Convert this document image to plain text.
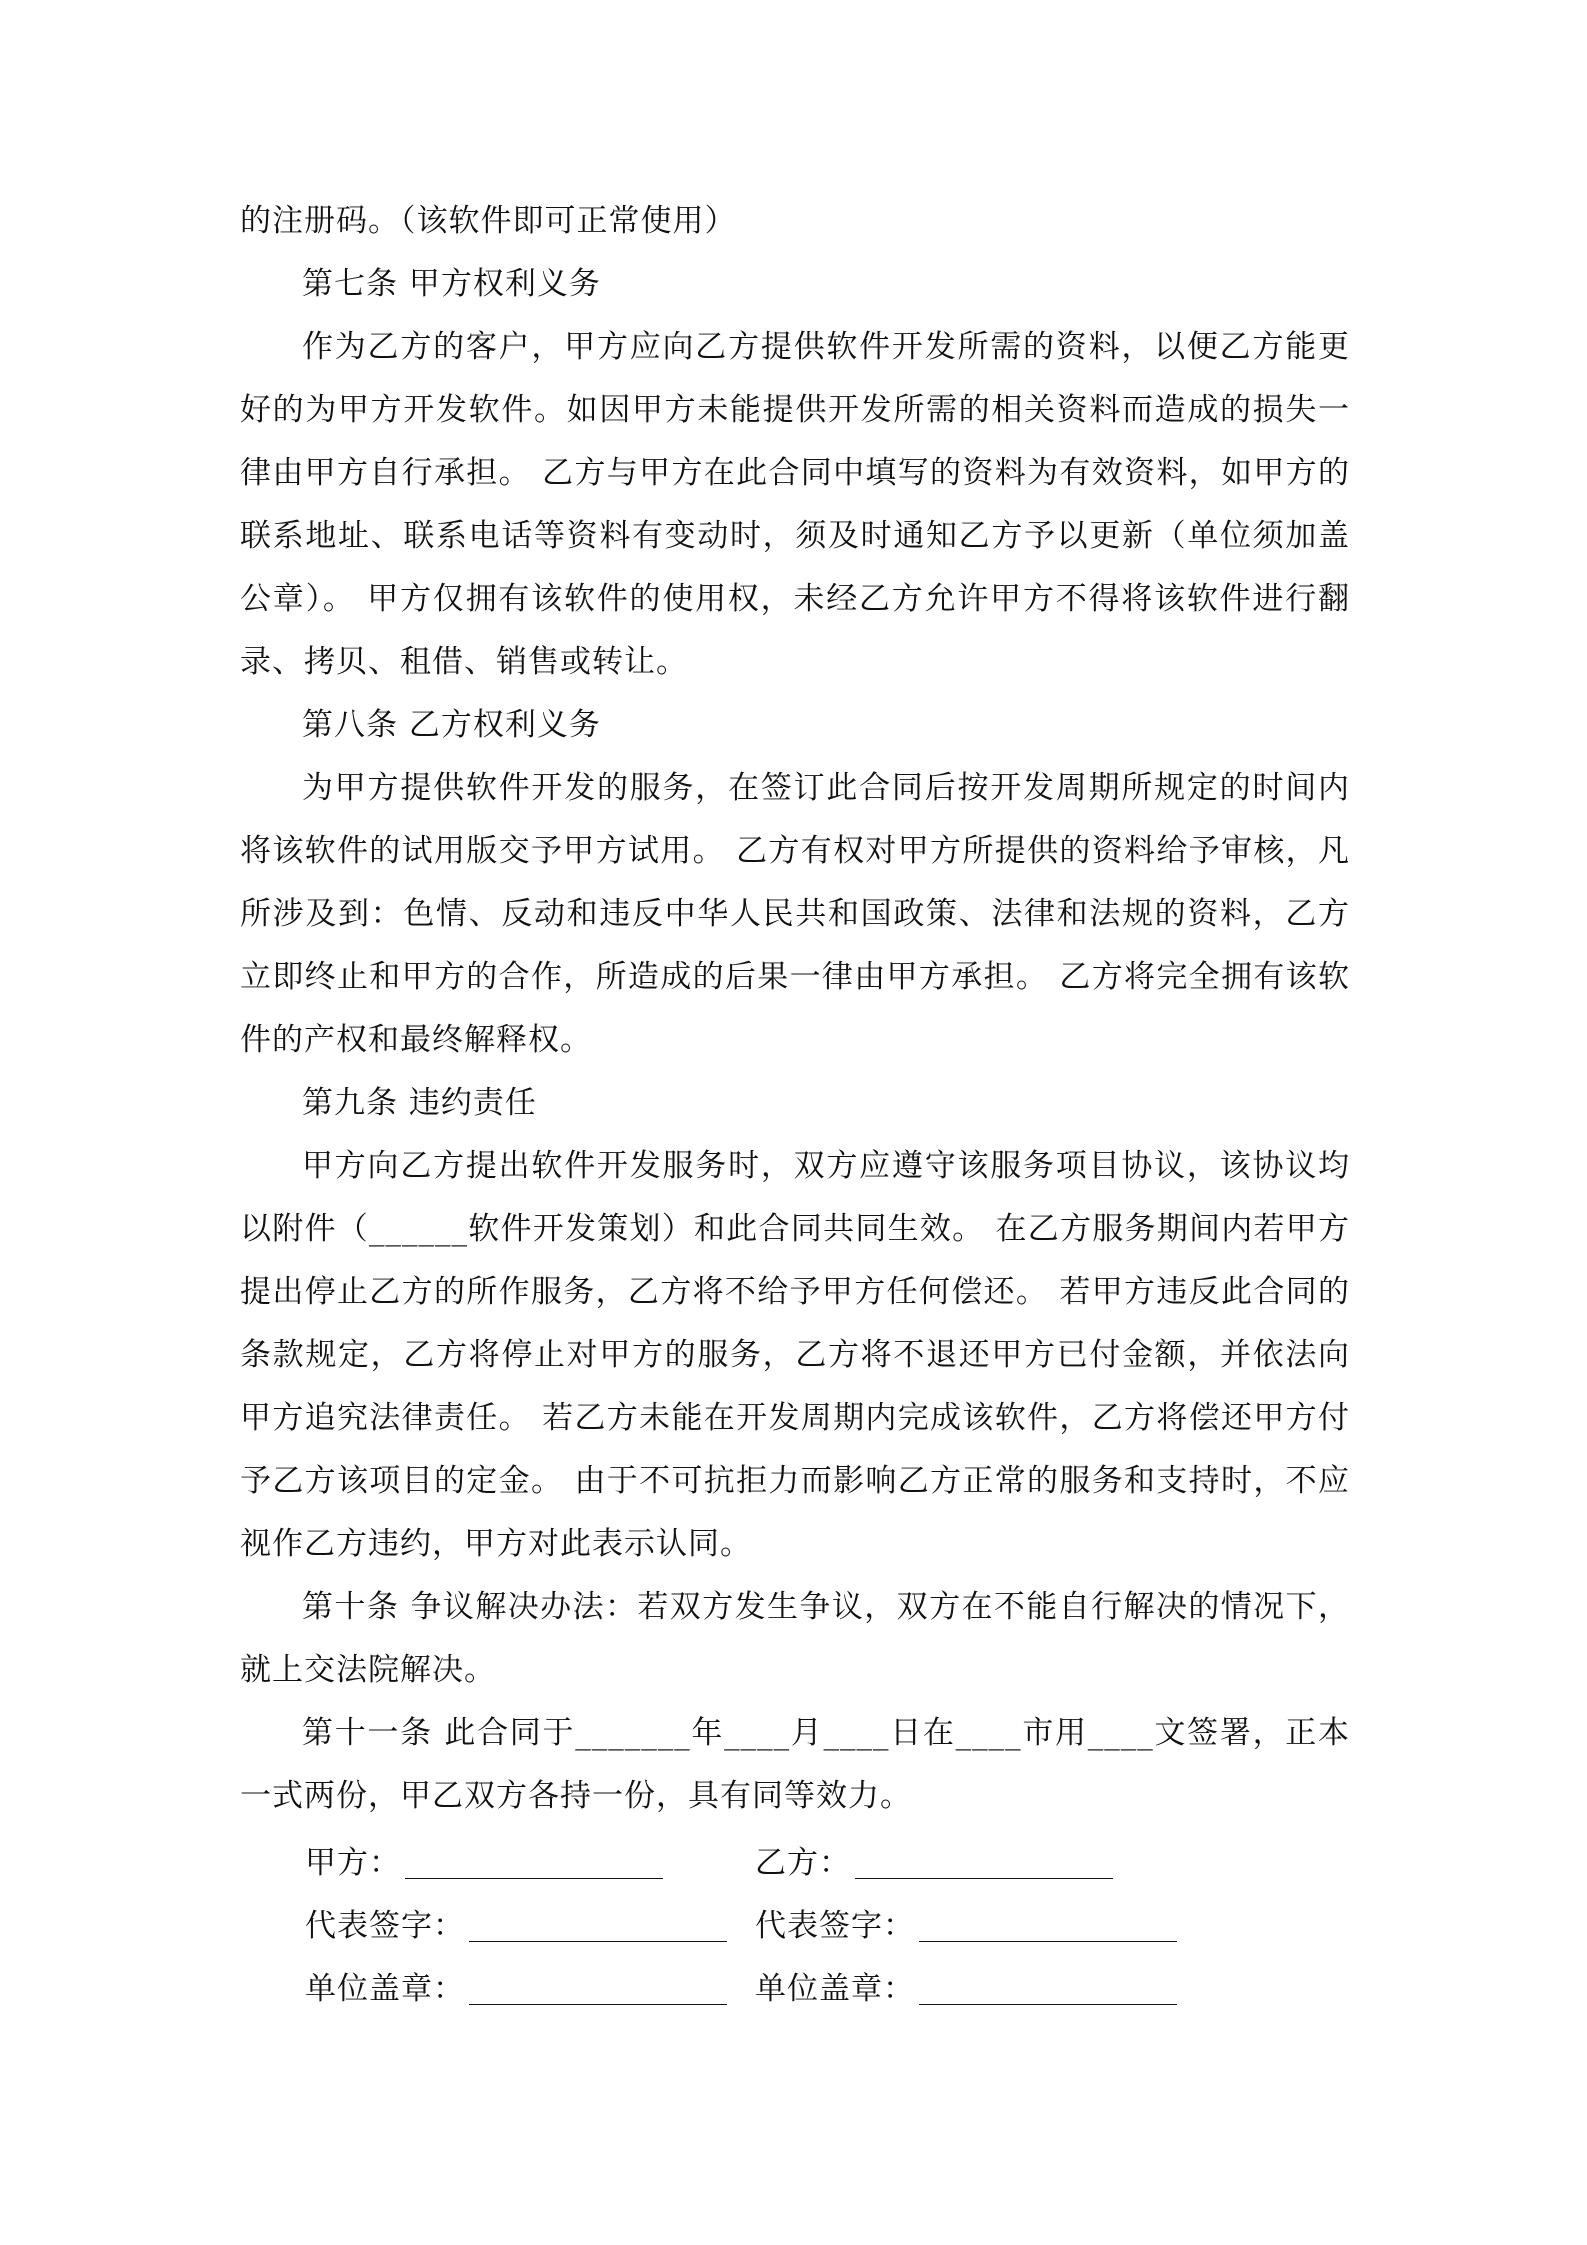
的注册码。（该软件即可正常使用）

第七条 甲方权利义务

作为乙方的客户，甲方应向乙方提供软件开发所需的资料，以便乙方能更好的为甲方开发软件。如因甲方未能提供开发所需的相关资料而造成的损失一律由甲方自行承担。 乙方与甲方在此合同中填写的资料为有效资料，如甲方的联系地址、联系电话等资料有变动时，须及时通知乙方予以更新（单位须加盖公章）。 甲方仅拥有该软件的使用权，未经乙方允许甲方不得将该软件进行翻录、拷贝、租借、销售或转让。

第八条 乙方权利义务

为甲方提供软件开发的服务，在签订此合同后按开发周期所规定的时间内将该软件的试用版交予甲方试用。 乙方有权对甲方所提供的资料给予审核，凡所涉及到：色情、反动和违反中华人民共和国政策、法律和法规的资料，乙方立即终止和甲方的合作，所造成的后果一律由甲方承担。 乙方将完全拥有该软件的产权和最终解释权。

第九条 违约责任

甲方向乙方提出软件开发服务时，双方应遵守该服务项目协议，该协议均以附件（______软件开发策划）和此合同共同生效。 在乙方服务期间内若甲方提出停止乙方的所作服务，乙方将不给予甲方任何偿还。 若甲方违反此合同的条款规定，乙方将停止对甲方的服务，乙方将不退还甲方已付金额，并依法向甲方追究法律责任。 若乙方未能在开发周期内完成该软件，乙方将偿还甲方付予乙方该项目的定金。 由于不可抗拒力而影响乙方正常的服务和支持时，不应视作乙方违约，甲方对此表示认同。

第十条 争议解决办法：若双方发生争议，双方在不能自行解决的情况下，就上交法院解决。

第十一条 此合同于_______年____月____日在____市用____文签署，正本一式两份，甲乙双方各持一份，具有同等效力。

甲方：	乙方：
代表签字：	代表签字：
单位盖章：	单位盖章：
